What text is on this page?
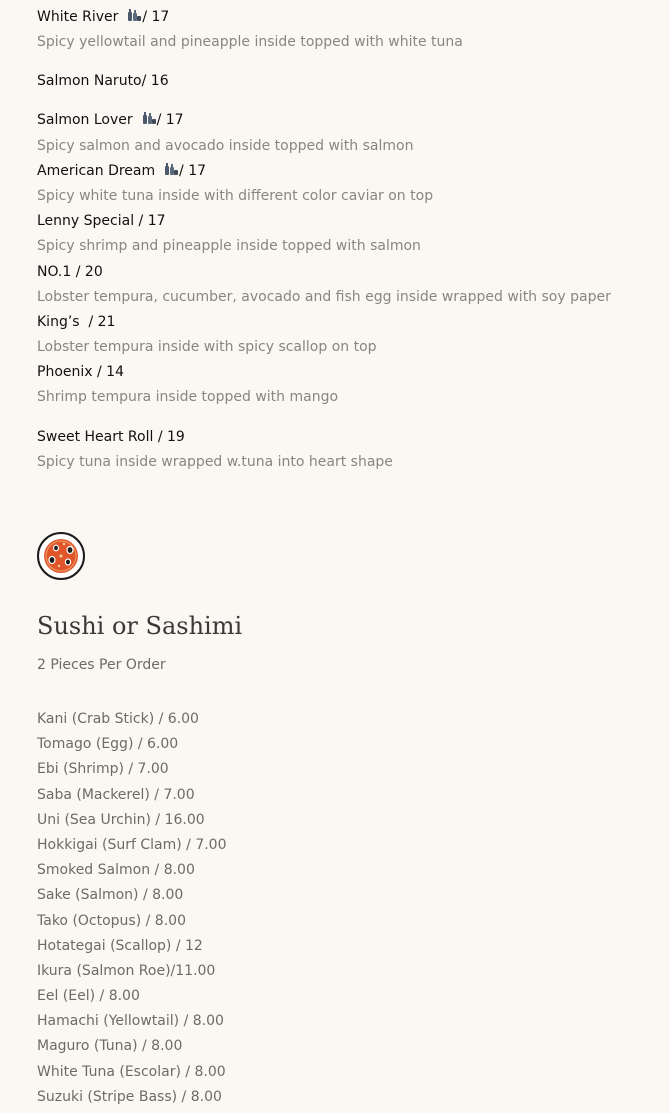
White River / 17
Spicy yellowtail and pineapple inside topped with white tuna
Salmon Naruto/ 16
Salmon Lover / 17
Spicy salmon and avocado inside topped with salmon
American Dream / 17
Spicy white tuna inside with different color caviar on top
Lenny Special / 17
Spicy shrimp and pineapple inside topped with salmon
NO.1 / 20
Lobster tempura, cucumber, avocado and fish egg inside wrapped with soy paper
King’s / 21
Lobster tempura inside with spicy scallop on top
Phoenix / 14
Shrimp tempura inside topped with mango
Sweet Heart Roll / 19
Spicy tuna inside wrapped w.tuna into heart shape
Sushi or Sashimi
2 Pieces Per Order
Kani (Crab Stick) / 6.00
Tomago (Egg) / 6.00
Ebi (Shrimp) / 7.00
Saba (Mackerel) / 7.00
Uni (Sea Urchin) / 16.00
Hokkigai (Surf Clam) / 7.00
Smoked Salmon / 8.00
Sake (Salmon) / 8.00
Tako (Octopus) / 8.00
Hotategai (Scallop) / 12
Ikura (Salmon Roe)/11.00
Eel (Eel) / 8.00
Hamachi (Yellowtail) / 8.00
Maguro (Tuna) / 8.00
White Tuna (Escolar) / 8.00
Suzuki (Stripe Bass) / 8.00
